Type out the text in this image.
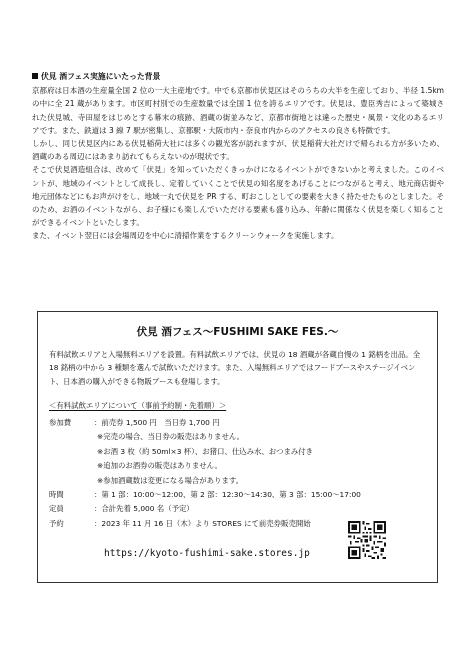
伏見 酒フェス実施にいたった背景

京都府は日本酒の生産量全国 2 位の一大主産地です。中でも京都市伏見区はそのうちの大半を生産しており、半径 1.5km の中に全 21 蔵があります。市区町村別での生産数量では全国 1 位を誇るエリアです。伏見は、豊臣秀吉によって築城された伏見城、寺田屋をはじめとする幕末の痕跡、酒蔵の街並みなど、京都市街地とは違った歴史・風景・文化のあるエリアです。また、鉄道は 3 線 7 駅が密集し、京都駅・大阪市内・奈良市内からのアクセスの良さも特徴です。

しかし、同じ伏見区内にある伏見稲荷大社には多くの観光客が訪れますが、伏見稲荷大社だけで帰られる方が多いため、酒蔵のある周辺にはあまり訪れてもらえないのが現状です。

そこで伏見酒造組合は、改めて「伏見」を知っていただくきっかけになるイベントができないかと考えました。このイベントが、地域のイベントとして成長し、定着していくことで伏見の知名度をあげることにつながると考え、地元商店街や地元団体などにもお声がけをし、地域一丸で伏見を PR する、町おこしとしての要素を大きく持たせたものとしました。そのため、お酒のイベントながら、お子様にも楽しんでいただける要素も盛り込み、年齢に関係なく伏見を楽しく知ることができるイベントといたします。

また、イベント翌日には会場周辺を中心に清掃作業をするクリーンウォークを実施します。

伏見 酒フェス～FUSHIMI SAKE FES.～

有料試飲エリアと入場無料エリアを設置。有料試飲エリアでは、伏見の 18 酒蔵が各蔵自慢の 1 銘柄を出品。全 18 銘柄の中から 3 種類を選んで試飲いただけます。また、入場無料エリアではフードブースやステージイベント、日本酒の購入ができる物販ブースも登場します。

＜有料試飲エリアについて（事前予約制・先着順）＞
参加費	：前売券 1,500 円　当日券 1,700 円
※完売の場合、当日券の販売はありません。
※お酒 3 枚（約 50ml×3 杯）、お猪口、仕込み水、おつまみ付き
※追加のお酒券の販売はありません。
※参加酒蔵数は変更になる場合があります。
時間	：第 1 部：10:00～12:00、第 2 部：12:30～14:30、第 3 部：15:00～17:00
定員	：合計先着 5,000 名（予定）
予約	：2023 年 11 月 16 日（木）より STORES にて前売券販売開始
https://kyoto-fushimi-sake.stores.jp
